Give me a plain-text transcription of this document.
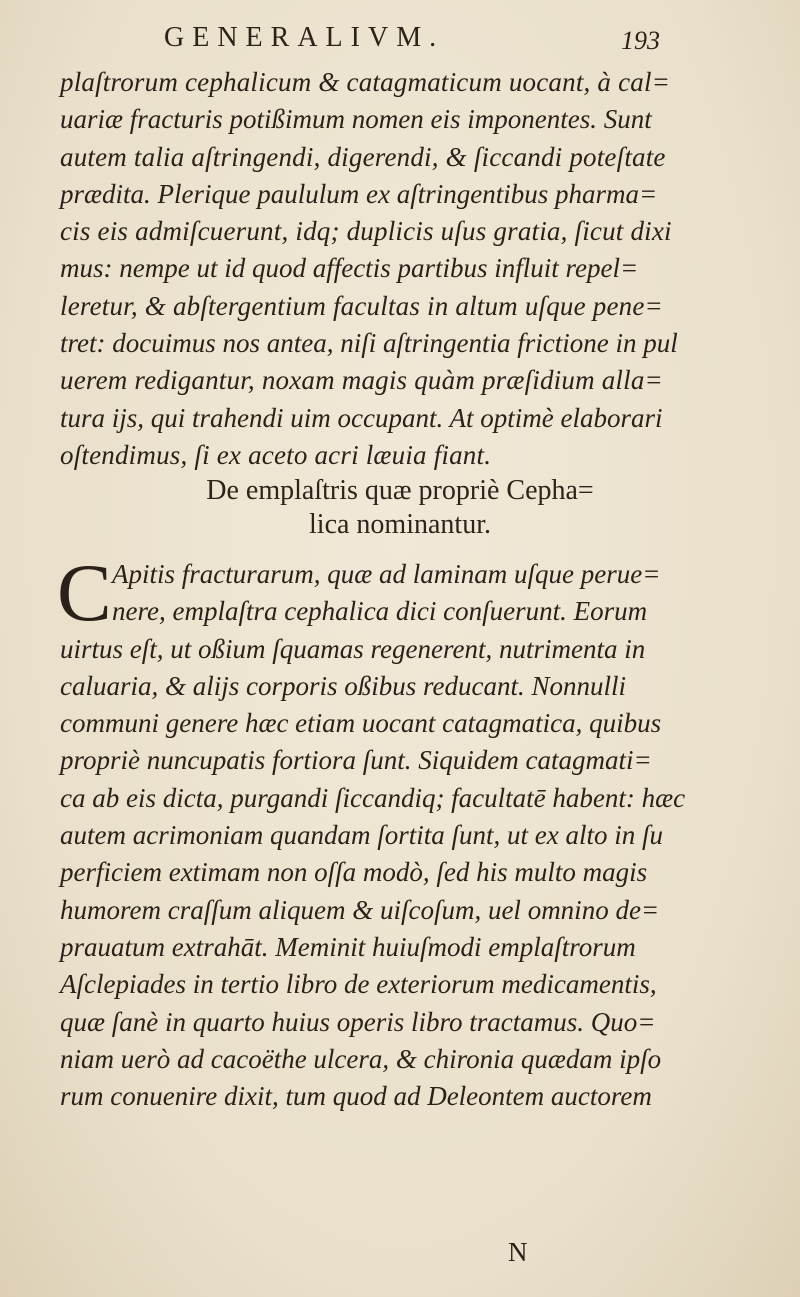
GENERALIVM.	193
plaſtrorum cephalicum & catagmaticum uocant, à cal=
uariæ fracturis potißimum nomen eis imponentes. Sunt
autem talia aſtringendi, digerendi, & ſiccandi poteſtate
prædita. Plerique paululum ex aſtringentibus pharma=
cis eis admiſcuerunt, idq; duplicis uſus gratia, ſicut dixi
mus: nempe ut id quod affectis partibus influit repel=
leretur, & abſtergentium facultas in altum uſque pene=
tret: docuimus nos antea, niſi aſtringentia frictione in pul
uerem redigantur, noxam magis quàm præſidium alla=
tura ijs, qui trahendi uim occupant. At optimè elaborari
oſtendimus, ſi ex aceto acri læuia fiant.
De emplaſtris quæ propriè Cepha=
lica nominantur.
C Apitis fracturarum, quæ ad laminam uſque perue=
nere, emplaſtra cephalica dici conſuerunt. Eorum
uirtus eſt, ut oßium ſquamas regenerent, nutrimenta in
caluaria, & alijs corporis oßibus reducant. Nonnulli
communi genere hæc etiam uocant catagmatica, quibus
propriè nuncupatis fortiora ſunt. Siquidem catagmati=
ca ab eis dicta, purgandi ſiccandiq; facultatē habent: hæc
autem acrimoniam quandam ſortita ſunt, ut ex alto in ſu
perficiem extimam non oſſa modò, ſed his multo magis
humorem craſſum aliquem & uiſcoſum, uel omnino de=
prauatum extrahāt. Meminit huiuſmodi emplaſtrorum
Aſclepiades in tertio libro de exteriorum medicamentis,
quæ ſanè in quarto huius operis libro tractamus. Quo=
niam uerò ad cacoëthe ulcera, & chironia quædam ipſo
rum conuenire dixit, tum quod ad Deleontem auctorem
N
